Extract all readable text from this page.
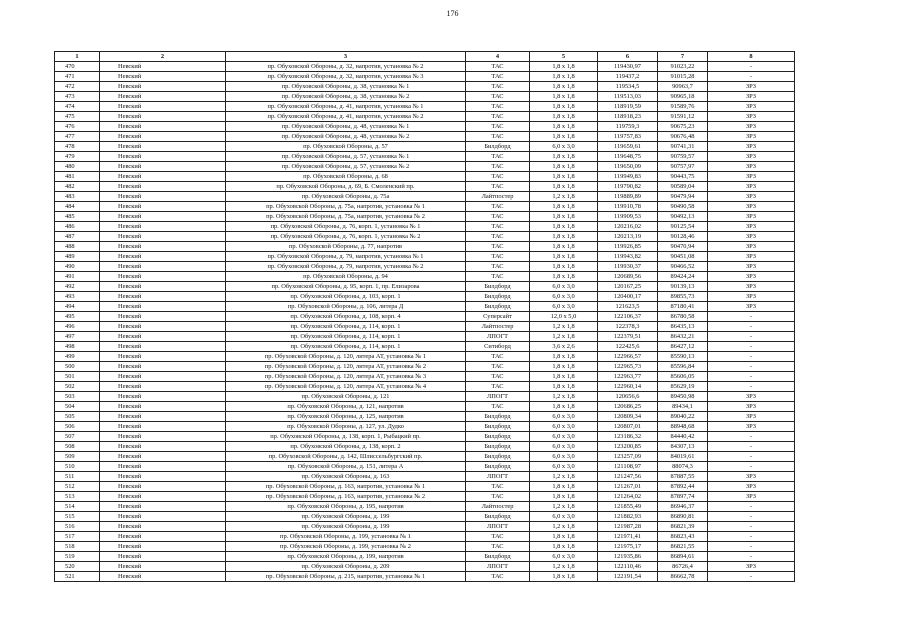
176
1	2	3	4	5	6	7	8
470	Невский	пр. Обуховской Обороны, д. 32, напротив, установка № 2	ТАС	1,8 x 1,8	119430,97	91023,22	-
471	Невский	пр. Обуховской Обороны, д. 32, напротив, установка № 3	ТАС	1,8 x 1,8	119437,2	91015,28	-
472	Невский	пр. Обуховской Обороны, д. 38, установка № 1	ТАС	1,8 x 1,8	119534,5	90963,7	ЗРЗ
473	Невский	пр. Обуховской Обороны, д. 38, установка № 2	ТАС	1,8 x 1,8	119513,03	90965,18	ЗРЗ
474	Невский	пр. Обуховской Обороны, д. 41, напротив, установка № 1	ТАС	1,8 x 1,8	118919,59	91589,76	ЗРЗ
475	Невский	пр. Обуховской Обороны, д. 41, напротив, установка № 2	ТАС	1,8 x 1,8	118918,23	91591,12	ЗРЗ
476	Невский	пр. Обуховской Обороны, д. 48, установка № 1	ТАС	1,8 x 1,8	119759,3	90675,23	ЗРЗ
477	Невский	пр. Обуховской Обороны, д. 48, установка № 2	ТАС	1,8 x 1,8	119757,83	90676,48	ЗРЗ
478	Невский	пр. Обуховской Обороны, д. 57	Билдборд	6,0 x 3,0	119659,61	90741,31	ЗРЗ
479	Невский	пр. Обуховской Обороны, д. 57, установка № 1	ТАС	1,8 x 1,8	119648,75	90759,57	ЗРЗ
480	Невский	пр. Обуховской Обороны, д. 57, установка № 2	ТАС	1,8 x 1,8	119650,09	90757,97	ЗРЗ
481	Невский	пр. Обуховской Обороны, д. 68	ТАС	1,8 x 1,8	119949,83	90443,75	ЗРЗ
482	Невский	пр. Обуховской Обороны, д. 69, Б. Смоленский пр.	ТАС	1,8 x 1,8	119790,82	90589,04	ЗРЗ
483	Невский	пр. Обуховской Обороны, д. 75а	Лайтпостер	1,2 x 1,8	119889,89	90479,94	ЗРЗ
484	Невский	пр. Обуховской Обороны, д. 75а, напротив, установка № 1	ТАС	1,8 x 1,8	119910,78	90490,58	ЗРЗ
485	Невский	пр. Обуховской Обороны, д. 75а, напротив, установка № 2	ТАС	1,8 x 1,8	119909,53	90492,13	ЗРЗ
486	Невский	пр. Обуховской Обороны, д. 76, корп. 1, установка № 1	ТАС	1,8 x 1,8	120216,02	90125,54	ЗРЗ
487	Невский	пр. Обуховской Обороны, д. 76, корп. 1, установка № 2	ТАС	1,8 x 1,8	120213,19	90128,46	ЗРЗ
488	Невский	пр. Обуховской Обороны, д. 77, напротив	ТАС	1,8 x 1,8	119926,85	90470,94	ЗРЗ
489	Невский	пр. Обуховской Обороны, д. 79, напротив, установка № 1	ТАС	1,8 x 1,8	119943,82	90451,08	ЗРЗ
490	Невский	пр. Обуховской Обороны, д. 79, напротив, установка № 2	ТАС	1,8 x 1,8	119930,37	90466,52	ЗРЗ
491	Невский	пр. Обуховской Обороны, д. 94	ТАС	1,8 x 1,8	120689,56	89424,24	ЗРЗ
492	Невский	пр. Обуховской Обороны, д. 95, корп. 1, пр. Елизарова	Билдборд	6,0 x 3,0	120167,25	90139,13	ЗРЗ
493	Невский	пр. Обуховской Обороны, д. 103, корп. 1	Билдборд	6,0 x 3,0	120400,17	89855,73	ЗРЗ
494	Невский	пр. Обуховской Обороны, д. 106, литера Д	Билдборд	6,0 x 3,0	121623,5	87180,41	ЗРЗ
495	Невский	пр. Обуховской Обороны, д. 108, корп. 4	Суперсайт	12,0 x 5,0	122106,37	86780,58	-
496	Невский	пр. Обуховской Обороны, д. 114, корп. 1	Лайтпостер	1,2 x 1,8	122378,3	86435,13	-
497	Невский	пр. Обуховской Обороны, д. 114, корп. 1	ЛПОГТ	1,2 x 1,8	122379,51	86432,21	-
498	Невский	пр. Обуховской Обороны, д. 114, корп. 1	Ситиборд	3,6 x 2,6	122425,6	86427,12	-
499	Невский	пр. Обуховской Обороны, д. 120, литера АТ, установка № 1	ТАС	1,8 x 1,8	122966,57	85590,13	-
500	Невский	пр. Обуховской Обороны, д. 120, литера АТ, установка № 2	ТАС	1,8 x 1,8	122965,73	85596,84	-
501	Невский	пр. Обуховской Обороны, д. 120, литера АТ, установка № 3	ТАС	1,8 x 1,8	122963,77	85606,05	-
502	Невский	пр. Обуховской Обороны, д. 120, литера АТ, установка № 4	ТАС	1,8 x 1,8	122960,14	85629,19	-
503	Невский	пр. Обуховской Обороны, д. 121	ЛПОГТ	1,2 x 1,8	120656,6	89450,98	ЗРЗ
504	Невский	пр. Обуховской Обороны, д. 121, напротив	ТАС	1,8 x 1,8	120686,25	89434,1	ЗРЗ
505	Невский	пр. Обуховской Обороны, д. 125, напротив	Билдборд	6,0 x 3,0	120809,34	89040,22	ЗРЗ
506	Невский	пр. Обуховской Обороны, д. 127, ул. Дудко	Билдборд	6,0 x 3,0	120807,01	88948,68	ЗРЗ
507	Невский	пр. Обуховской Обороны, д. 138, корп. 1, Рыбацкий пр.	Билдборд	6,0 x 3,0	123186,32	84440,42	-
508	Невский	пр. Обуховской Обороны, д. 138, корп. 2	Билдборд	6,0 x 3,0	123200,85	84307,13	-
509	Невский	пр. Обуховской Обороны, д. 142, Шлиссельбургский пр.	Билдборд	6,0 x 3,0	123257,09	84019,61	-
510	Невский	пр. Обуховской Обороны, д. 151, литера А	Билдборд	6,0 x 3,0	121108,97	88074,3	-
511	Невский	пр. Обуховской Обороны, д. 163	ЛПОГТ	1,2 x 1,8	121247,56	87887,55	ЗРЗ
512	Невский	пр. Обуховской Обороны, д. 163, напротив, установка № 1	ТАС	1,8 x 1,8	121267,01	87892,44	ЗРЗ
513	Невский	пр. Обуховской Обороны, д. 163, напротив, установка № 2	ТАС	1,8 x 1,8	121264,02	87897,74	ЗРЗ
514	Невский	пр. Обуховской Обороны, д. 195, напротив	Лайтпостер	1,2 x 1,8	121855,49	86946,37	-
515	Невский	пр. Обуховской Обороны, д. 199	Билдборд	6,0 x 3,0	121882,93	86890,81	-
516	Невский	пр. Обуховской Обороны, д. 199	ЛПОГТ	1,2 x 1,8	121987,28	86821,39	-
517	Невский	пр. Обуховской Обороны, д. 199, установка № 1	ТАС	1,8 x 1,8	121971,41	86823,43	-
518	Невский	пр. Обуховской Обороны, д. 199, установка № 2	ТАС	1,8 x 1,8	121975,17	86821,55	-
519	Невский	пр. Обуховской Обороны, д. 199, напротив	Билдборд	6,0 x 3,0	121935,86	86894,61	-
520	Невский	пр. Обуховской Обороны, д. 209	ЛПОГТ	1,2 x 1,8	122110,46	86726,4	ЗРЗ
521	Невский	пр. Обуховской Обороны, д. 215, напротив, установка № 1	ТАС	1,8 x 1,8	122191,54	86662,78	-
